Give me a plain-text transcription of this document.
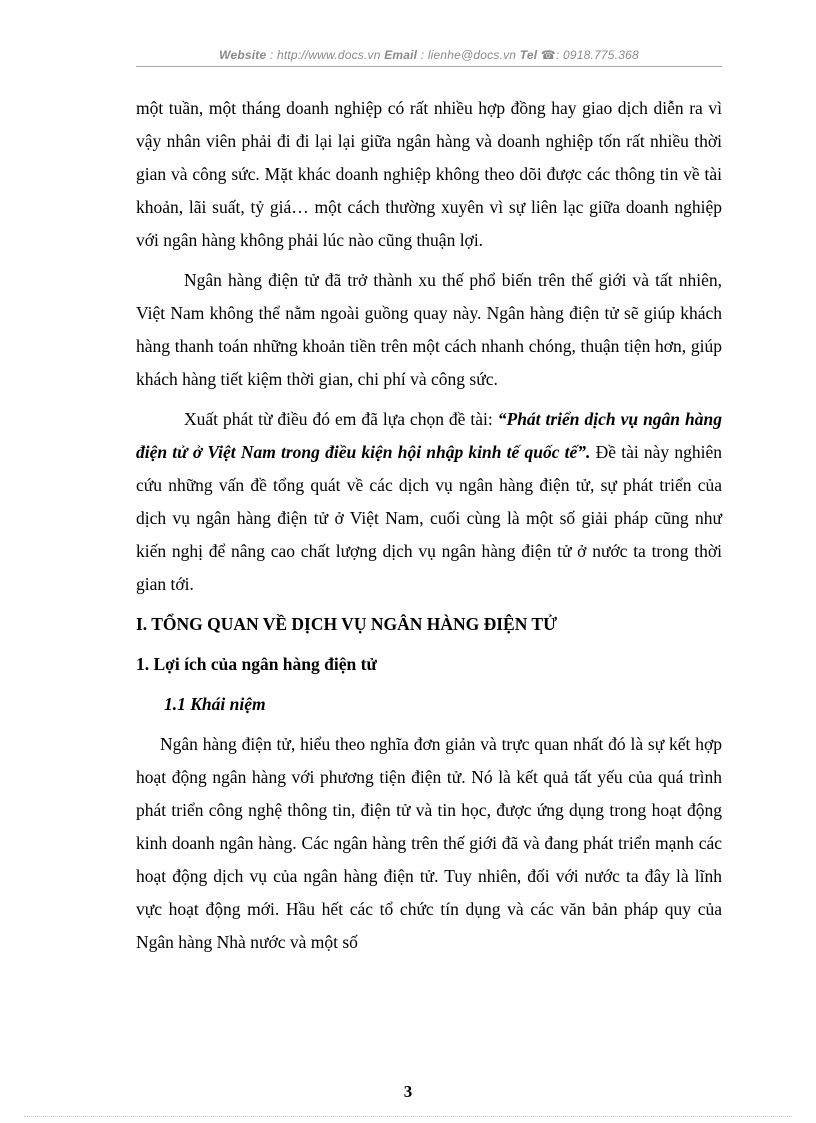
Website : http://www.docs.vn Email : lienhe@docs.vn Tel ☎: 0918.775.368

một tuần, một tháng doanh nghiệp có rất nhiều hợp đồng hay giao dịch diễn ra vì vậy nhân viên phải đi đi lại lại giữa ngân hàng và doanh nghiệp tốn rất nhiều thời gian và công sức. Mặt khác doanh nghiệp không theo dõi được các thông tin về tài khoản, lãi suất, tỷ giá… một cách thường xuyên vì sự liên lạc giữa doanh nghiệp với ngân hàng không phải lúc nào cũng thuận lợi.

Ngân hàng điện tử đã trở thành xu thế phổ biến trên thế giới và tất nhiên, Việt Nam không thể nằm ngoài guồng quay này. Ngân hàng điện tử sẽ giúp khách hàng thanh toán những khoản tiền trên một cách nhanh chóng, thuận tiện hơn, giúp khách hàng tiết kiệm thời gian, chi phí và công sức.

Xuất phát từ điều đó em đã lựa chọn đề tài: “Phát triển dịch vụ ngân hàng điện tử ở Việt Nam trong điều kiện hội nhập kinh tế quốc tế”. Đề tài này nghiên cứu những vấn đề tổng quát về các dịch vụ ngân hàng điện tử, sự phát triển của dịch vụ ngân hàng điện tử ở Việt Nam, cuối cùng là một số giải pháp cũng như kiến nghị để nâng cao chất lượng dịch vụ ngân hàng điện tử ở nước ta trong thời gian tới.

I. TỔNG QUAN VỀ DỊCH VỤ NGÂN HÀNG ĐIỆN TỬ

1. Lợi ích của ngân hàng điện tử

1.1 Khái niệm

Ngân hàng điện tử, hiểu theo nghĩa đơn giản và trực quan nhất đó là sự kết hợp hoạt động ngân hàng với phương tiện điện tử. Nó là kết quả tất yếu của quá trình phát triển công nghệ thông tin, điện tử và tin học, được ứng dụng trong hoạt động kinh doanh ngân hàng. Các ngân hàng trên thế giới đã và đang phát triển mạnh các hoạt động dịch vụ của ngân hàng điện tử. Tuy nhiên, đối với nước ta đây là lĩnh vực hoạt động mới. Hầu hết các tổ chức tín dụng và các văn bản pháp quy của Ngân hàng Nhà nước và một số

3
